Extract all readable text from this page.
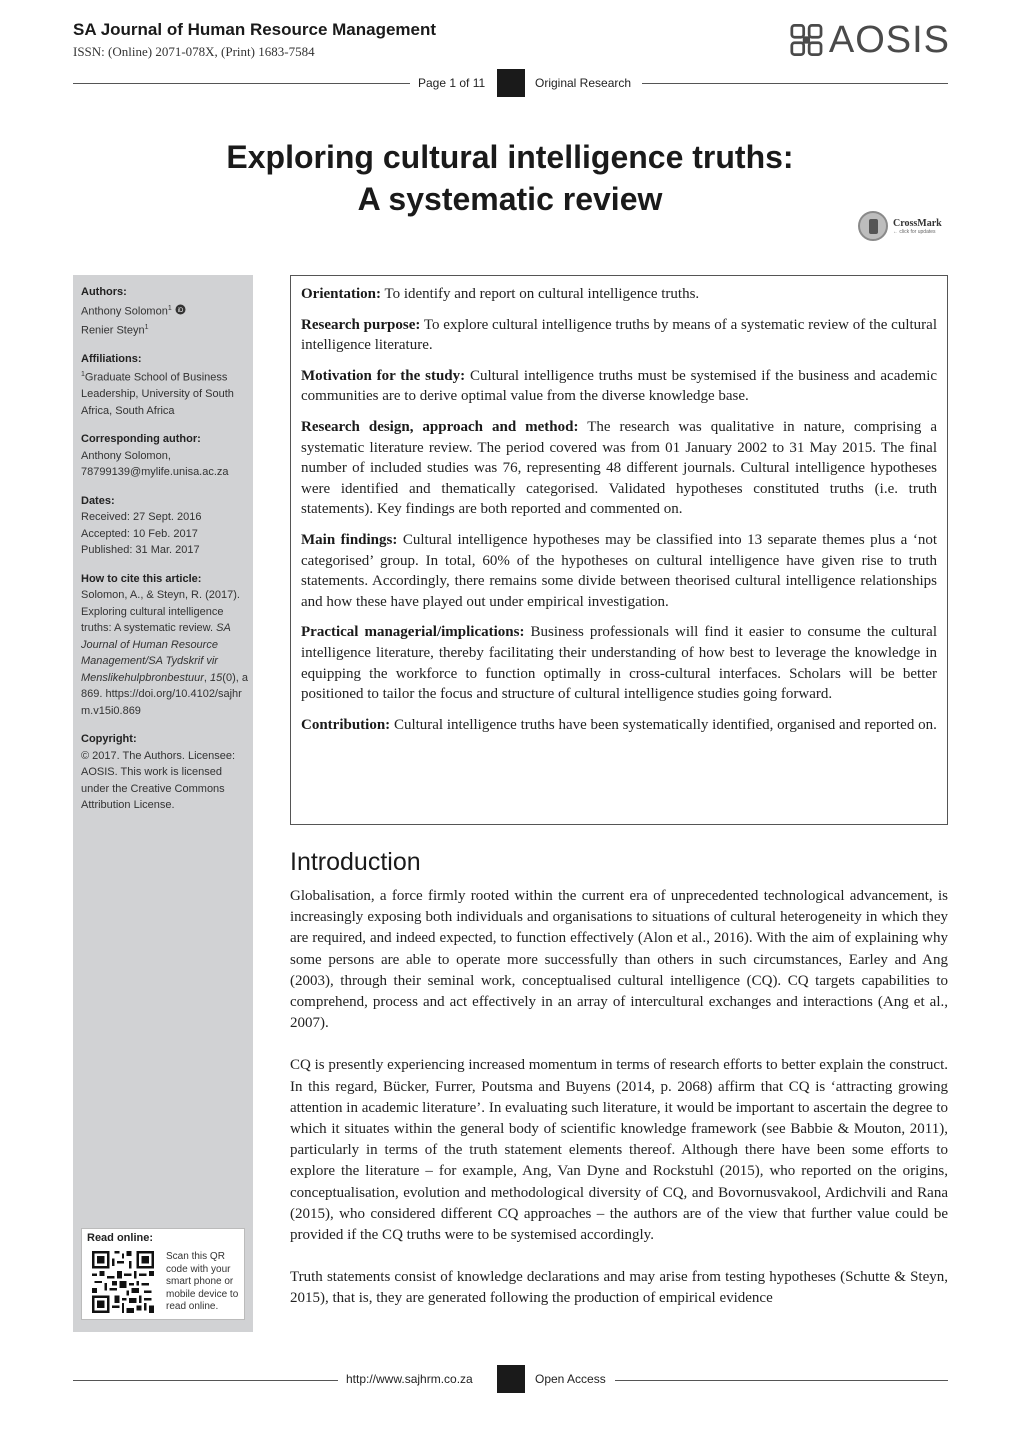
SA Journal of Human Resource Management
ISSN: (Online) 2071-078X, (Print) 1683-7584	AOSIS
Page 1 of 11	Original Research
Exploring cultural intelligence truths:
A systematic review
CrossMark
← click for updates
Authors:
Anthony Solomon$^1$ iD
Renier Steyn$^1$
Affiliations:
$^1$Graduate School of Business Leadership, University of South Africa, South Africa
Corresponding author:
Anthony Solomon,
78799139@mylife.unisa.ac.za
Dates:
Received: 27 Sept. 2016
Accepted: 10 Feb. 2017
Published: 31 Mar. 2017
How to cite this article:
Solomon, A., & Steyn, R. (2017). Exploring cultural intelligence truths: A systematic review. SA Journal of Human Resource Management/SA Tydskrif vir Menslikehulpbronbestuur, 15(0), a869. https://doi.org/10.4102/sajhrm.v15i0.869
Copyright:
© 2017. The Authors. Licensee: AOSIS. This work is licensed under the Creative Commons Attribution License.
Read online:
Scan this QR code with your smart phone or mobile device to read online.

Orientation: To identify and report on cultural intelligence truths.

Research purpose: To explore cultural intelligence truths by means of a systematic review of the cultural intelligence literature.

Motivation for the study: Cultural intelligence truths must be systemised if the business and academic communities are to derive optimal value from the diverse knowledge base.

Research design, approach and method: The research was qualitative in nature, comprising a systematic literature review. The period covered was from 01 January 2002 to 31 May 2015. The final number of included studies was 76, representing 48 different journals. Cultural intelligence hypotheses were identified and thematically categorised. Validated hypotheses constituted truths (i.e. truth statements). Key findings are both reported and commented on.

Main findings: Cultural intelligence hypotheses may be classified into 13 separate themes plus a ‘not categorised’ group. In total, 60% of the hypotheses on cultural intelligence have given rise to truth statements. Accordingly, there remains some divide between theorised cultural intelligence relationships and how these have played out under empirical investigation.

Practical managerial/implications: Business professionals will find it easier to consume the cultural intelligence literature, thereby facilitating their understanding of how best to leverage the knowledge in equipping the workforce to function optimally in cross-cultural interfaces. Scholars will be better positioned to tailor the focus and structure of cultural intelligence studies going forward.

Contribution: Cultural intelligence truths have been systematically identified, organised and reported on.

Introduction

Globalisation, a force firmly rooted within the current era of unprecedented technological advancement, is increasingly exposing both individuals and organisations to situations of cultural heterogeneity in which they are required, and indeed expected, to function effectively (Alon et al., 2016). With the aim of explaining why some persons are able to operate more successfully than others in such circumstances, Earley and Ang (2003), through their seminal work, conceptualised cultural intelligence (CQ). CQ targets capabilities to comprehend, process and act effectively in an array of intercultural exchanges and interactions (Ang et al., 2007).

CQ is presently experiencing increased momentum in terms of research efforts to better explain the construct. In this regard, Bücker, Furrer, Poutsma and Buyens (2014, p. 2068) affirm that CQ is ‘attracting growing attention in academic literature’. In evaluating such literature, it would be important to ascertain the degree to which it situates within the general body of scientific knowledge framework (see Babbie & Mouton, 2011), particularly in terms of the truth statement elements thereof. Although there have been some efforts to explore the literature – for example, Ang, Van Dyne and Rockstuhl (2015), who reported on the origins, conceptualisation, evolution and methodological diversity of CQ, and Bovornusvakool, Ardichvili and Rana (2015), who considered different CQ approaches – the authors are of the view that further value could be provided if the CQ truths were to be systemised accordingly.

Truth statements consist of knowledge declarations and may arise from testing hypotheses (Schutte & Steyn, 2015), that is, they are generated following the production of empirical evidence

http://www.sajhrm.co.za	Open Access
